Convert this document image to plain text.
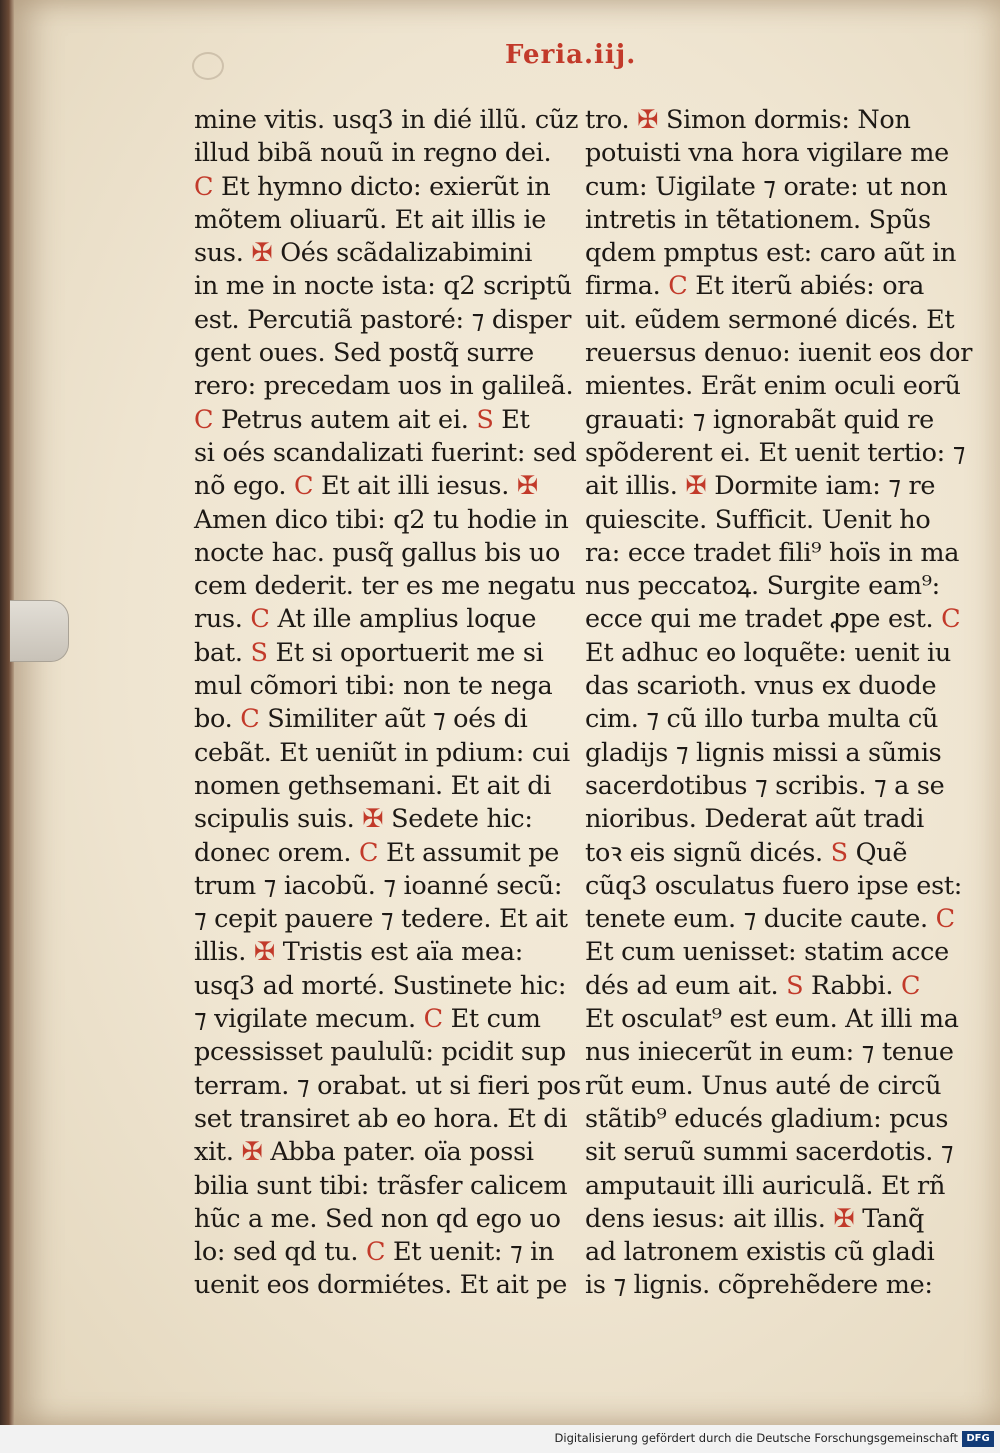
Feria.iij.
mine vitis. usq3 in dié illũ. cũz
illud bibã nouũ in regno dei.
C Et hymno dicto: exierũt in
mõtem oliuarũ. Et ait illis ie
sus. ✠ Oés scãdalizabimini
in me in nocte ista: q2 scriptũ
est. Percutiã pastoré: ⁊ disper
gent oues. Sed postq̃ surre
rero: precedam uos in galileã.
C Petrus autem ait ei. S Et
si oés scandalizati fuerint: sed
nõ ego. C Et ait illi iesus. ✠
Amen dico tibi: q2 tu hodie in
nocte hac. pusq̃ gallus bis uo
cem dederit. ter es me negatu
rus. C At ille amplius loque
bat. S Et si oportuerit me si
mul cõmori tibi: non te nega
bo. C Similiter aũt ⁊ oés di
cebãt. Et ueniũt in pdium: cui
nomen gethsemani. Et ait di
scipulis suis. ✠ Sedete hic:
donec orem. C Et assumit pe
trum ⁊ iacobũ. ⁊ ioanné secũ:
⁊ cepit pauere ⁊ tedere. Et ait
illis. ✠ Tristis est aïa mea:
usq3 ad morté. Sustinete hic:
⁊ vigilate mecum. C Et cum
pcessisset paululũ: pcidit sup
terram. ⁊ orabat. ut si fieri pos
set transiret ab eo hora. Et di
xit. ✠ Abba pater. oïa possi
bilia sunt tibi: trãsfer calicem
hũc a me. Sed non qd ego uo
lo: sed qd tu. C Et uenit: ⁊ in
uenit eos dormiétes. Et ait pe
tro. ✠ Simon dormis: Non
potuisti vna hora vigilare me
cum: Uigilate ⁊ orate: ut non
intretis in tẽtationem. Spũs
qdem pmptus est: caro aũt in
firma. C Et iterũ abiés: ora
uit. eũdem sermoné dicés. Et
reuersus denuo: iuenit eos dor
mientes. Erãt enim oculi eorũ
grauati: ⁊ ignorabãt quid re
spõderent ei. Et uenit tertio: ⁊
ait illis. ✠ Dormite iam: ⁊ re
quiescite. Sufficit. Uenit ho
ra: ecce tradet fili⁹ hoïs in ma
nus peccatoꝝ. Surgite eam⁹:
ecce qui me tradet ꝓpe est. C
Et adhuc eo loquẽte: uenit iu
das scarioth. vnus ex duode
cim. ⁊ cũ illo turba multa cũ
gladijs ⁊ lignis missi a sũmis
sacerdotibus ⁊ scribis. ⁊ a se
nioribus. Dederat aũt tradi
toꝛ eis signũ dicés. S Quẽ
cũq3 osculatus fuero ipse est:
tenete eum. ⁊ ducite caute. C
Et cum uenisset: statim acce
dés ad eum ait. S Rabbi. C
Et osculat⁹ est eum. At illi ma
nus iniecerũt in eum: ⁊ tenue
rũt eum. Unus auté de circũ
stãtib⁹ educés gladium: pcus
sit seruũ summi sacerdotis. ⁊
amputauit illi auriculã. Et rñ
dens iesus: ait illis. ✠ Tanq̃
ad latronem existis cũ gladi
is ⁊ lignis. cõprehẽdere me:
Digitalisierung gefördert durch die Deutsche Forschungsgemeinschaft DFG
